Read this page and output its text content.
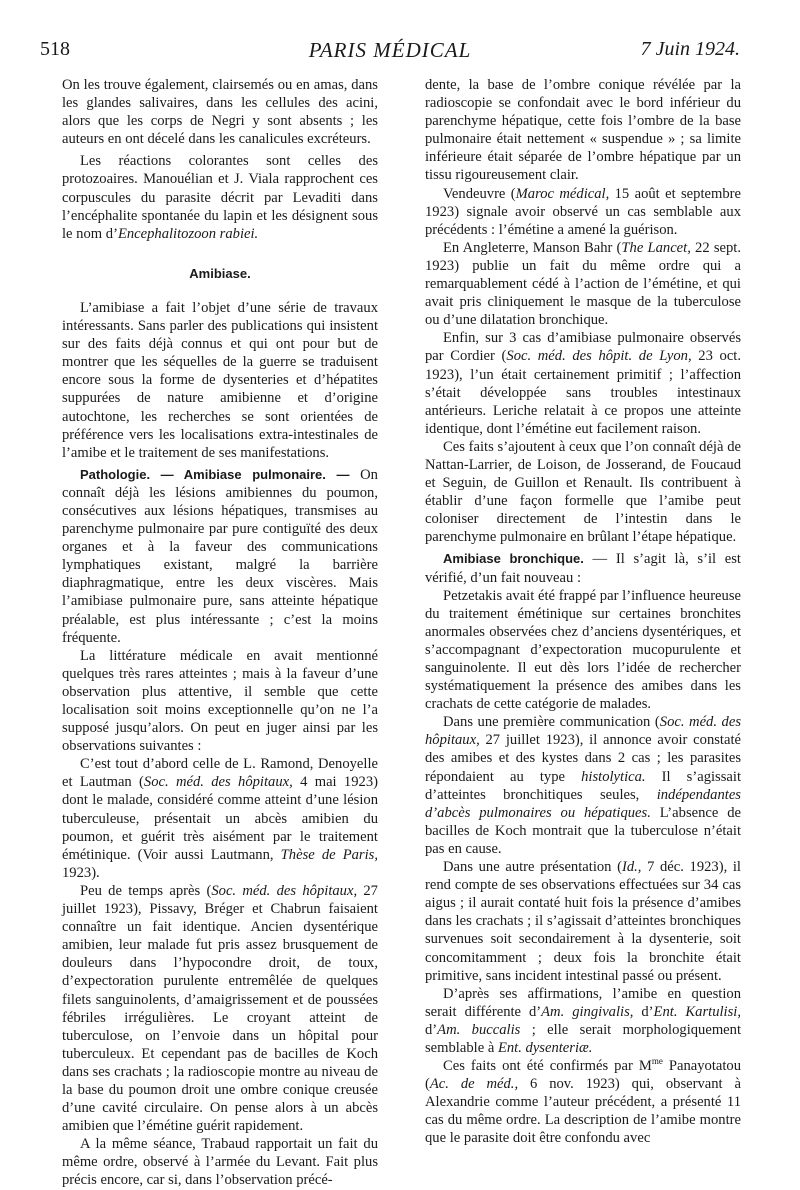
518	PARIS MÉDICAL	7 Juin 1924.

On les trouve également, clairsemés ou en amas, dans les glandes salivaires, dans les cellules des acini, alors que les corps de Negri y sont absents ; les auteurs en ont décelé dans les canalicules excréteurs.

Les réactions colorantes sont celles des protozoaires. Manouélian et J. Viala rapprochent ces corpuscules du parasite décrit par Levaditi dans l’encéphalite spontanée du lapin et les désignent sous le nom d’Encephalitozoon rabiei.

Amibiase.

L’amibiase a fait l’objet d’une série de travaux intéressants. Sans parler des publications qui insistent sur des faits déjà connus et qui ont pour but de montrer que les séquelles de la guerre se traduisent encore sous la forme de dysenteries et d’hépatites suppurées de nature amibienne et d’origine autochtone, les recherches se sont orientées de préférence vers les localisations extra-intestinales de l’amibe et le traitement de ses manifestations.

Pathologie. — Amibiase pulmonaire. — On connaît déjà les lésions amibiennes du poumon, consécutives aux lésions hépatiques, transmises au parenchyme pulmonaire par pure contiguïté des deux organes et à la faveur des communications lymphatiques existant, malgré la barrière diaphragmatique, entre les deux viscères. Mais l’amibiase pulmonaire pure, sans atteinte hépatique préalable, est plus intéressante ; c’est la moins fréquente.

La littérature médicale en avait mentionné quelques très rares atteintes ; mais à la faveur d’une observation plus attentive, il semble que cette localisation soit moins exceptionnelle qu’on ne l’a supposé jusqu’alors. On peut en juger ainsi par les observations suivantes :

C’est tout d’abord celle de L. Ramond, Denoyelle et Lautman (Soc. méd. des hôpitaux, 4 mai 1923) dont le malade, considéré comme atteint d’une lésion tuberculeuse, présentait un abcès amibien du poumon, et guérit très aisément par le traitement émétinique. (Voir aussi Lautmann, Thèse de Paris, 1923).

Peu de temps après (Soc. méd. des hôpitaux, 27 juillet 1923), Pissavy, Bréger et Chabrun faisaient connaître un fait identique. Ancien dysentérique amibien, leur malade fut pris assez brusquement de douleurs dans l’hypocondre droit, de toux, d’expectoration purulente entremêlée de quelques filets sanguinolents, d’amaigrissement et de poussées fébriles irrégulières. Le croyant atteint de tuberculose, on l’envoie dans un hôpital pour tuberculeux. Et cependant pas de bacilles de Koch dans ses crachats ; la radioscopie montre au niveau de la base du poumon droit une ombre conique creusée d’une cavité circulaire. On pense alors à un abcès amibien que l’émétine guérit rapidement.

A la même séance, Trabaud rapportait un fait du même ordre, observé à l’armée du Levant. Fait plus précis encore, car si, dans l’observation précé-

dente, la base de l’ombre conique révélée par la radioscopie se confondait avec le bord inférieur du parenchyme hépatique, cette fois l’ombre de la base pulmonaire était nettement « suspendue » ; sa limite inférieure était séparée de l’ombre hépatique par un tissu rigoureusement clair.

Vendeuvre (Maroc médical, 15 août et septembre 1923) signale avoir observé un cas semblable aux précédents : l’émétine a amené la guérison.

En Angleterre, Manson Bahr (The Lancet, 22 sept. 1923) publie un fait du même ordre qui a remarquablement cédé à l’action de l’émétine, et qui avait pris cliniquement le masque de la tuberculose ou d’une dilatation bronchique.

Enfin, sur 3 cas d’amibiase pulmonaire observés par Cordier (Soc. méd. des hôpit. de Lyon, 23 oct. 1923), l’un était certainement primitif ; l’affection s’était développée sans troubles intestinaux antérieurs. Leriche relatait à ce propos une atteinte identique, dont l’émétine eut facilement raison.

Ces faits s’ajoutent à ceux que l’on connaît déjà de Nattan-Larrier, de Loison, de Josserand, de Foucaud et Seguin, de Guillon et Renault. Ils contribuent à établir d’une façon formelle que l’amibe peut coloniser directement de l’intestin dans le parenchyme pulmonaire en brûlant l’étape hépatique.

Amibiase bronchique. — Il s’agit là, s’il est vérifié, d’un fait nouveau :

Petzetakis avait été frappé par l’influence heureuse du traitement émétinique sur certaines bronchites anormales observées chez d’anciens dysentériques, et s’accompagnant d’expectoration mucopurulente et sanguinolente. Il eut dès lors l’idée de rechercher systématiquement la présence des amibes dans les crachats de cette catégorie de malades.

Dans une première communication (Soc. méd. des hôpitaux, 27 juillet 1923), il annonce avoir constaté des amibes et des kystes dans 2 cas ; les parasites répondaient au type histolytica. Il s’agissait d’atteintes bronchitiques seules, indépendantes d’abcès pulmonaires ou hépatiques. L’absence de bacilles de Koch montrait que la tuberculose n’était pas en cause.

Dans une autre présentation (Id., 7 déc. 1923), il rend compte de ses observations effectuées sur 34 cas aigus ; il aurait contaté huit fois la présence d’amibes dans les crachats ; il s’agissait d’atteintes bronchiques survenues soit secondairement à la dysenterie, soit concomitamment ; deux fois la bronchite était primitive, sans incident intestinal passé ou présent.

D’après ses affirmations, l’amibe en question serait différente d’Am. gingivalis, d’Ent. Kartulisi, d’Am. buccalis ; elle serait morphologiquement semblable à Ent. dysenteriæ.

Ces faits ont été confirmés par $M^{me}$ Panayotatou (Ac. de méd., 6 nov. 1923) qui, observant à Alexandrie comme l’auteur précédent, a présenté 11 cas du même ordre. La description de l’amibe montre que le parasite doit être confondu avec
